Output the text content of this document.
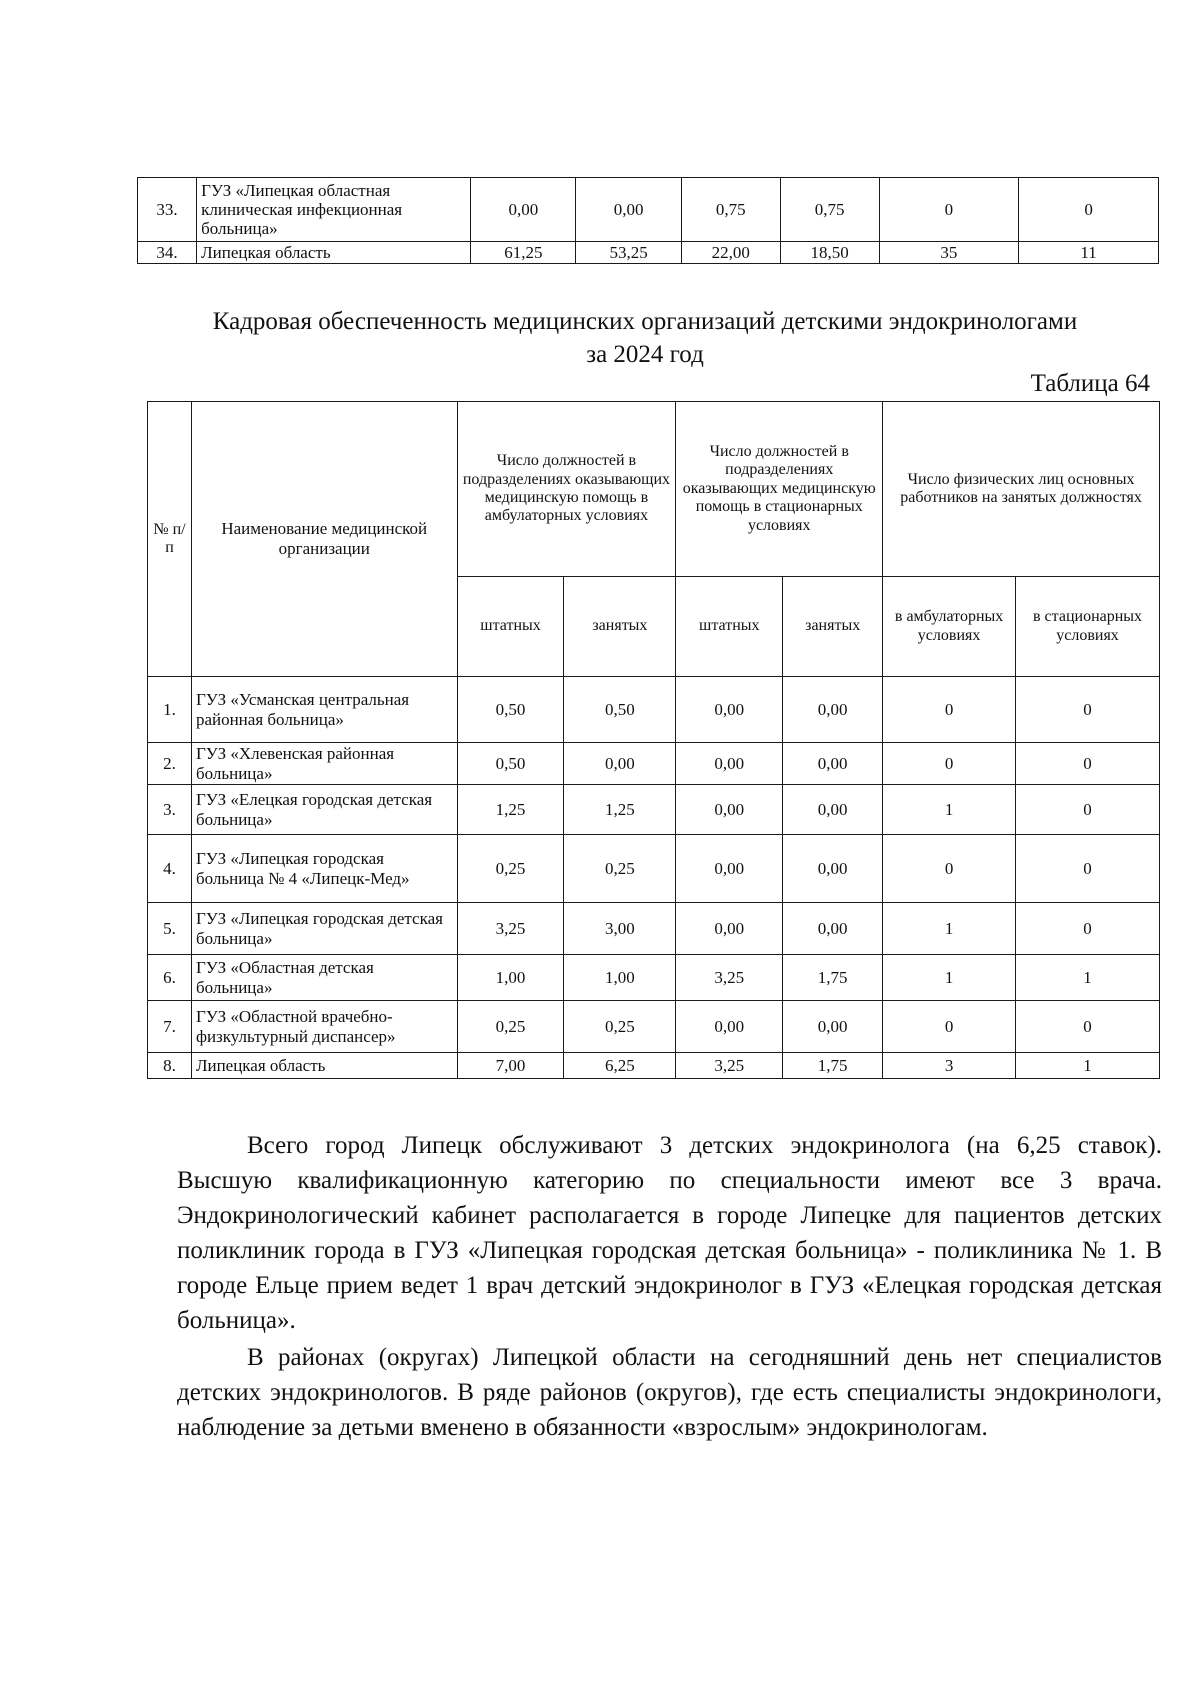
33.	ГУЗ «Липецкая областная клиническая инфекционная больница»	0,00	0,00	0,75	0,75	0	0
34.	Липецкая область	61,25	53,25	22,00	18,50	35	11
Кадровая обеспеченность медицинских организаций детскими эндокринологами
за 2024 год
Таблица 64
№ п/п	Наименование медицинской организации	Число должностей в подразделениях оказывающих медицинскую помощь в амбулаторных условиях		Число должностей в подразделениях оказывающих медицинскую помощь в стационарных условиях		Число физических лиц основных работников на занятых должностях	
		штатных	занятых	штатных	занятых	в амбулаторных условиях	в стационарных условиях
1.	ГУЗ «Усманская центральная районная больница»	0,50	0,50	0,00	0,00	0	0
2.	ГУЗ «Хлевенская районная больница»	0,50	0,00	0,00	0,00	0	0
3.	ГУЗ «Елецкая городская детская больница»	1,25	1,25	0,00	0,00	1	0
4.	ГУЗ «Липецкая городская больница № 4 «Липецк-Мед»	0,25	0,25	0,00	0,00	0	0
5.	ГУЗ «Липецкая городская детская больница»	3,25	3,00	0,00	0,00	1	0
6.	ГУЗ «Областная детская больница»	1,00	1,00	3,25	1,75	1	1
7.	ГУЗ «Областной врачебно-физкультурный диспансер»	0,25	0,25	0,00	0,00	0	0
8.	Липецкая область	7,00	6,25	3,25	1,75	3	1

Всего город Липецк обслуживают 3 детских эндокринолога (на 6,25 ставок). Высшую квалификационную категорию по специальности имеют все 3 врача. Эндокринологический кабинет располагается в городе Липецке для пациентов детских поликлиник города в ГУЗ «Липецкая городская детская больница» - поликлиника № 1. В городе Ельце прием ведет 1 врач детский эндокринолог в ГУЗ «Елецкая городская детская больница».

В районах (округах) Липецкой области на сегодняшний день нет специалистов детских эндокринологов. В ряде районов (округов), где есть специалисты эндокринологи, наблюдение за детьми вменено в обязанности «взрослым» эндокринологам.
